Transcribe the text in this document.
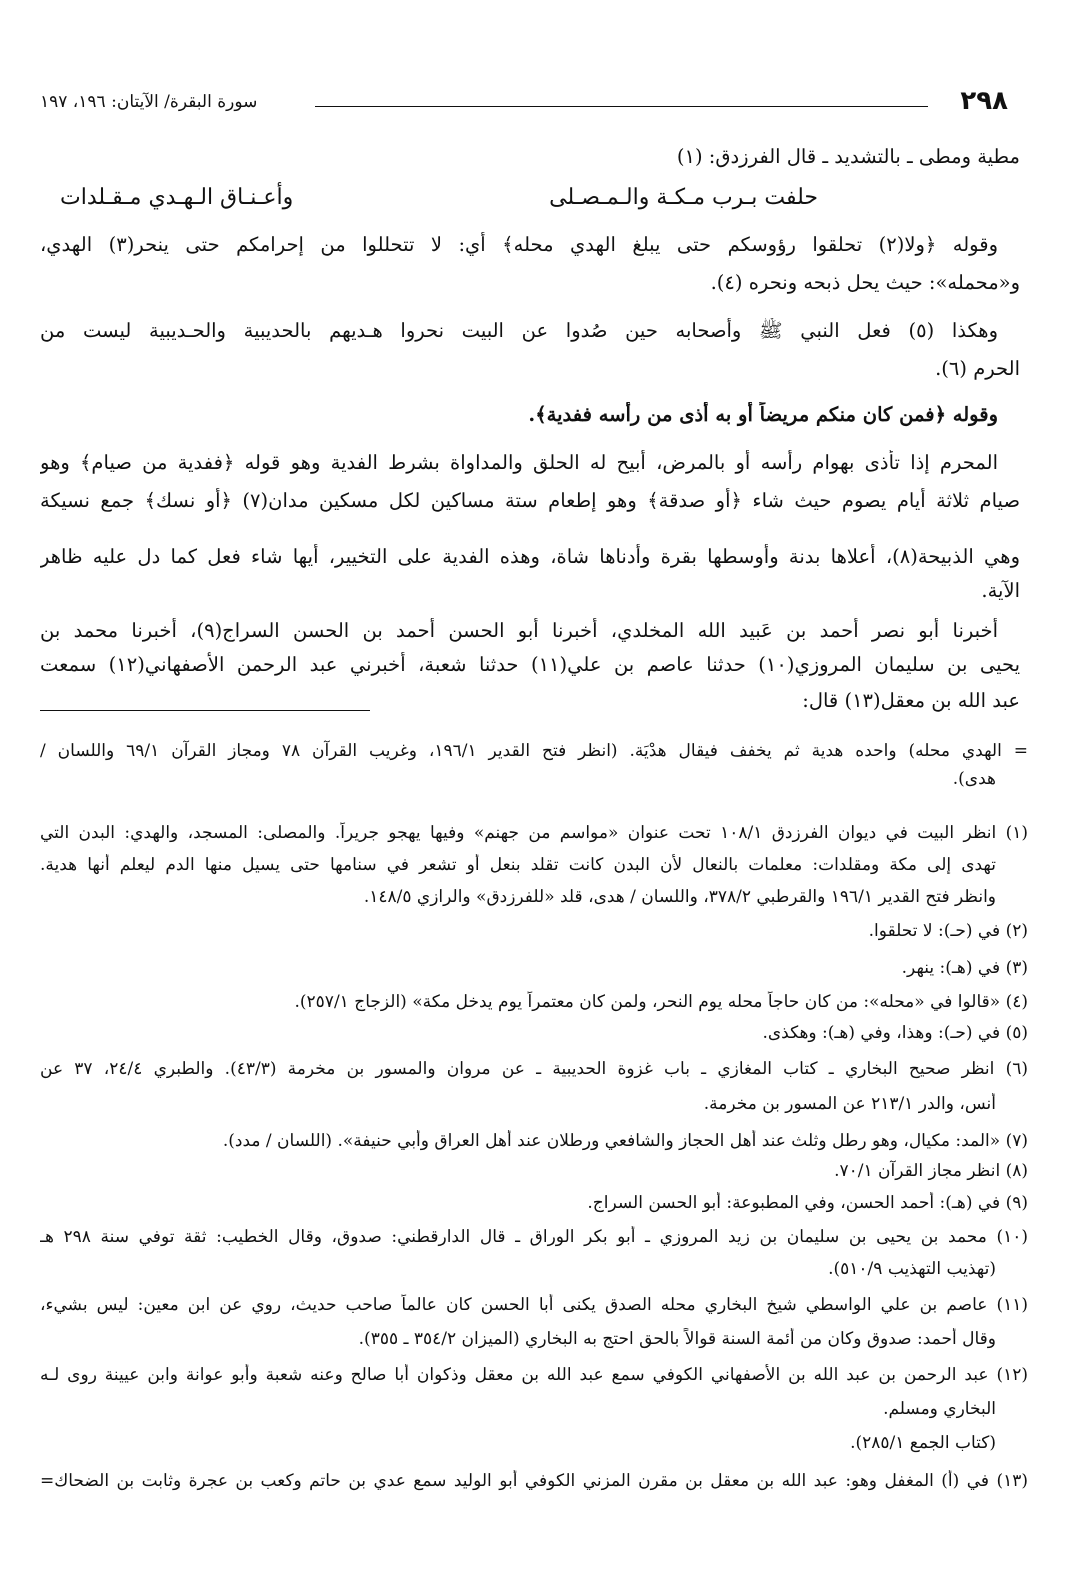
٢٩٨
سورة البقرة/ الآيتان: ١٩٦، ١٩٧
مطية ومطى ـ بالتشديد ـ قال الفرزدق: (١)
حلفت بـرب مـكـة والـمـصـلى
وأعـنـاق الـهـدي مـقـلدات
وقوله ﴿ولا(٢) تحلقوا رؤوسكم حتى يبلغ الهدي محله﴾ أي: لا تتحللوا من إحرامكم حتى ينحر(٣) الهدي،
و«محمله»: حيث يحل ذبحه ونحره (٤).
وهكذا (٥) فعل النبي ﷺ وأصحابه حين صُدوا عن البيت نحروا هـديهم بالحديبية والحـديبية ليست من
الحرم (٦).
وقوله ﴿فمن كان منكم مريضاً أو به أذى من رأسه ففدية﴾.
المحرم إذا تأذى بهوام رأسه أو بالمرض، أبيح له الحلق والمداواة بشرط الفدية وهو قوله ﴿ففدية من صيام﴾ وهو
صيام ثلاثة أيام يصوم حيث شاء ﴿أو صدقة﴾ وهو إطعام ستة مساكين لكل مسكين مدان(٧) ﴿أو نسك﴾ جمع نسيكة
وهي الذبيحة(٨)، أعلاها بدنة وأوسطها بقرة وأدناها شاة، وهذه الفدية على التخيير، أيها شاء فعل كما دل عليه ظاهر
الآية.
أخبرنا أبو نصر أحمد بن عَبيد الله المخلدي، أخبرنا أبو الحسن أحمد بن الحسن السراج(٩)، أخبرنا محمد بن
يحيى بن سليمان المروزي(١٠) حدثنا عاصم بن علي(١١) حدثنا شعبة، أخبرني عبد الرحمن الأصفهاني(١٢) سمعت
عبد الله بن معقل(١٣) قال:
= الهدي محله) واحده هدية ثم يخفف فيقال هدْيَة. (انظر فتح القدير ١٩٦/١، وغريب القرآن ٧٨ ومجاز القرآن ٦٩/١ واللسان /
هدى).
(١) انظر البيت في ديوان الفرزدق ١٠٨/١ تحت عنوان «مواسم من جهنم» وفيها يهجو جريراً. والمصلى: المسجد، والهدي: البدن التي
تهدى إلى مكة ومقلدات: معلمات بالنعال لأن البدن كانت تقلد بنعل أو تشعر في سنامها حتى يسيل منها الدم ليعلم أنها هدية.
وانظر فتح القدير ١٩٦/١ والقرطبي ٣٧٨/٢، واللسان / هدى، قلد «للفرزدق» والرازي ١٤٨/٥.
(٢) في (حـ): لا تحلقوا.
(٣) في (هـ): ينهر.
(٤) «قالوا في «محله»: من كان حاجاً محله يوم النحر، ولمن كان معتمراً يوم يدخل مكة» (الزجاج ٢٥٧/١).
(٥) في (حـ): وهذا، وفي (هـ): وهكذى.
(٦) انظر صحيح البخاري ـ كتاب المغازي ـ باب غزوة الحديبية ـ عن مروان والمسور بن مخرمة (٤٣/٣). والطبري ٢٤/٤، ٣٧ عن
أنس، والدر ٢١٣/١ عن المسور بن مخرمة.
(٧) «المد: مكيال، وهو رطل وثلث عند أهل الحجاز والشافعي ورطلان عند أهل العراق وأبي حنيفة». (اللسان / مدد).
(٨) انظر مجاز القرآن ٧٠/١.
(٩) في (هـ): أحمد الحسن، وفي المطبوعة: أبو الحسن السراج.
(١٠) محمد بن يحيى بن سليمان بن زيد المروزي ـ أبو بكر الوراق ـ قال الدارقطني: صدوق، وقال الخطيب: ثقة توفي سنة ٢٩٨ هـ
(تهذيب التهذيب ٥١٠/٩).
(١١) عاصم بن علي الواسطي شيخ البخاري محله الصدق يكنى أبا الحسن كان عالماً صاحب حديث، روي عن ابن معين: ليس بشيء،
وقال أحمد: صدوق وكان من أئمة السنة قوالاً بالحق احتج به البخاري (الميزان ٣٥٤/٢ ـ ٣٥٥).
(١٢) عبد الرحمن بن عبد الله بن الأصفهاني الكوفي سمع عبد الله بن معقل وذكوان أبا صالح وعنه شعبة وأبو عوانة وابن عيينة روى لـه
البخاري ومسلم.
(كتاب الجمع ٢٨٥/١).
(١٣) في (أ) المغفل وهو: عبد الله بن معقل بن مقرن المزني الكوفي أبو الوليد سمع عدي بن حاتم وكعب بن عجرة وثابت بن الضحاك=
